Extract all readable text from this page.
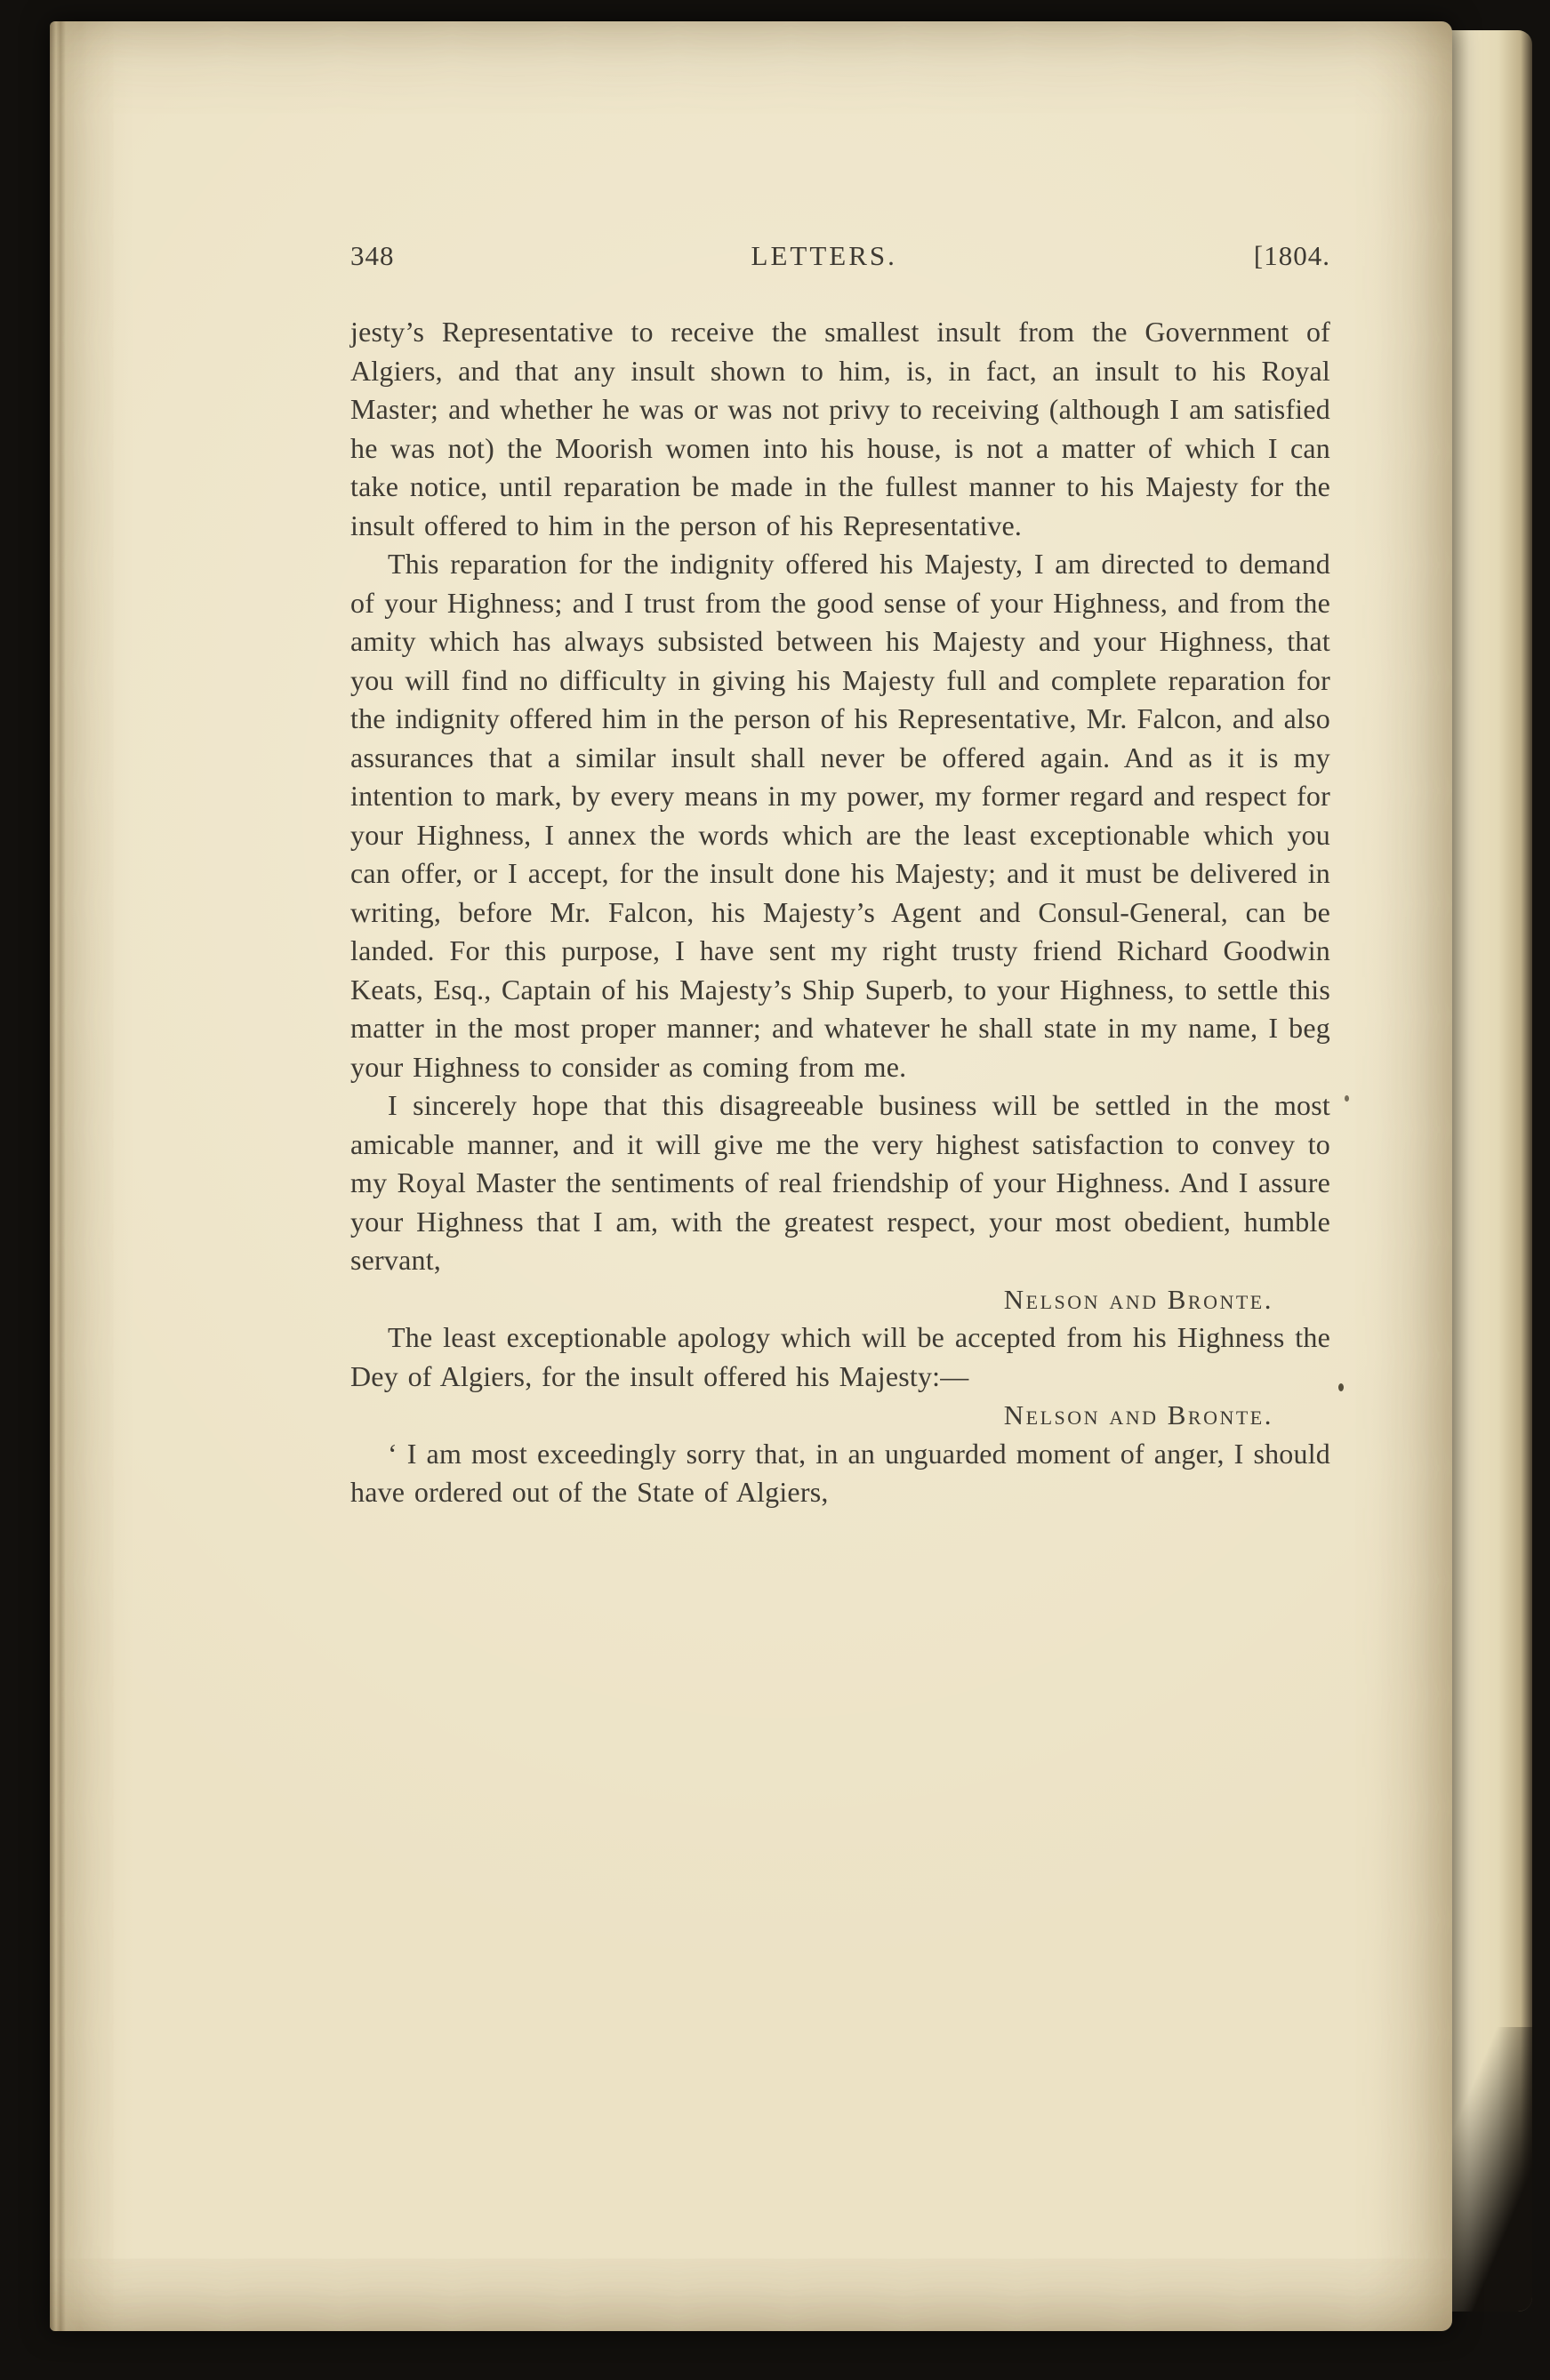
348	LETTERS.	[1804.

jesty’s Representative to receive the smallest insult from the Government of Algiers, and that any insult shown to him, is, in fact, an insult to his Royal Master; and whether he was or was not privy to receiving (although I am satisfied he was not) the Moorish women into his house, is not a matter of which I can take notice, until reparation be made in the fullest manner to his Majesty for the insult offered to him in the person of his Representative.

This reparation for the indignity offered his Majesty, I am directed to demand of your Highness; and I trust from the good sense of your Highness, and from the amity which has always subsisted between his Majesty and your Highness, that you will find no difficulty in giving his Majesty full and complete reparation for the indignity offered him in the person of his Representative, Mr. Falcon, and also assurances that a similar insult shall never be offered again. And as it is my intention to mark, by every means in my power, my former regard and respect for your Highness, I annex the words which are the least exceptionable which you can offer, or I accept, for the insult done his Majesty; and it must be delivered in writing, before Mr. Falcon, his Majesty’s Agent and Consul-General, can be landed. For this purpose, I have sent my right trusty friend Richard Goodwin Keats, Esq., Captain of his Majesty’s Ship Superb, to your Highness, to settle this matter in the most proper manner; and whatever he shall state in my name, I beg your Highness to consider as coming from me.

I sincerely hope that this disagreeable business will be settled in the most amicable manner, and it will give me the very highest satisfaction to convey to my Royal Master the sentiments of real friendship of your Highness. And I assure your Highness that I am, with the greatest respect, your most obedient, humble servant,

Nelson and Bronte.

The least exceptionable apology which will be accepted from his Highness the Dey of Algiers, for the insult offered his Majesty:—

Nelson and Bronte.

‘ I am most exceedingly sorry that, in an unguarded moment of anger, I should have ordered out of the State of Algiers,
